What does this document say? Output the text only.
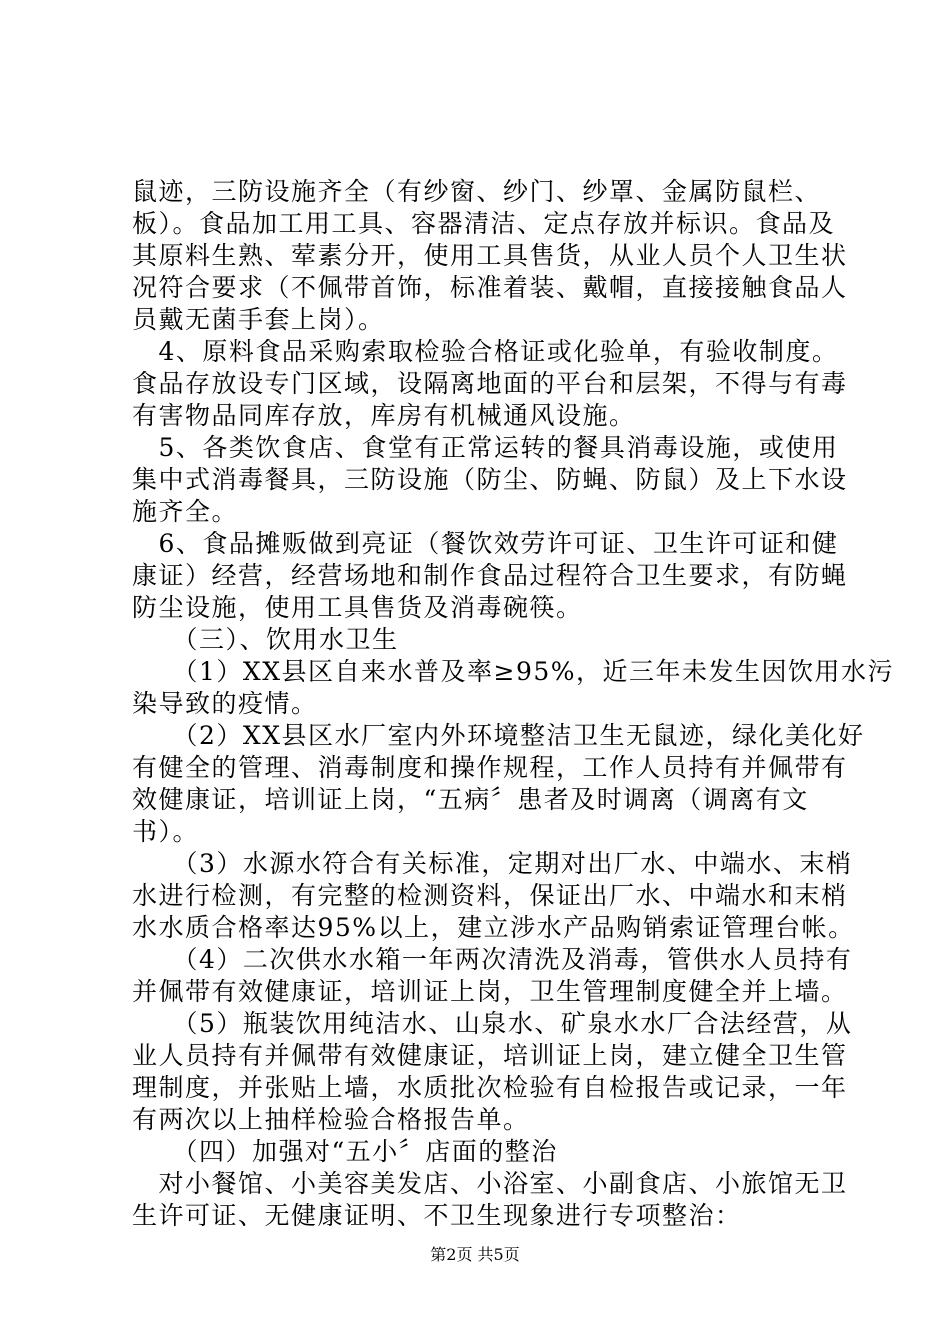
鼠迹，三防设施齐全（有纱窗、纱门、纱罩、金属防鼠栏、
板）。食品加工用工具、容器清洁、定点存放并标识。食品及
其原料生熟、荤素分开，使用工具售货，从业人员个人卫生状
况符合要求（不佩带首饰，标准着装、戴帽，直接接触食品人
员戴无菌手套上岗）。
　4、原料食品采购索取检验合格证或化验单，有验收制度。
食品存放设专门区域，设隔离地面的平台和层架，不得与有毒
有害物品同库存放，库房有机械通风设施。
　5、各类饮食店、食堂有正常运转的餐具消毒设施，或使用
集中式消毒餐具，三防设施（防尘、防蝇、防鼠）及上下水设
施齐全。
　6、食品摊贩做到亮证（餐饮效劳许可证、卫生许可证和健
康证）经营，经营场地和制作食品过程符合卫生要求，有防蝇
防尘设施，使用工具售货及消毒碗筷。
　　（三）、饮用水卫生
　　（1）XX县区自来水普及率≥95%，近三年未发生因饮用水污
染导致的疫情。
　　（2）XX县区水厂室内外环境整洁卫生无鼠迹，绿化美化好
有健全的管理、消毒制度和操作规程，工作人员持有并佩带有
效健康证，培训证上岗，“五病〞患者及时调离（调离有文
书）。
　　（3）水源水符合有关标准，定期对出厂水、中端水、末梢
水进行检测，有完整的检测资料，保证出厂水、中端水和末梢
水水质合格率达95%以上，建立涉水产品购销索证管理台帐。
　　（4）二次供水水箱一年两次清洗及消毒，管供水人员持有
并佩带有效健康证，培训证上岗，卫生管理制度健全并上墙。
　　（5）瓶装饮用纯洁水、山泉水、矿泉水水厂合法经营，从
业人员持有并佩带有效健康证，培训证上岗，建立健全卫生管
理制度，并张贴上墙，水质批次检验有自检报告或记录，一年
有两次以上抽样检验合格报告单。
　　（四）加强对“五小〞店面的整治
　对小餐馆、小美容美发店、小浴室、小副食店、小旅馆无卫
生许可证、无健康证明、不卫生现象进行专项整治：
第2页 共5页
